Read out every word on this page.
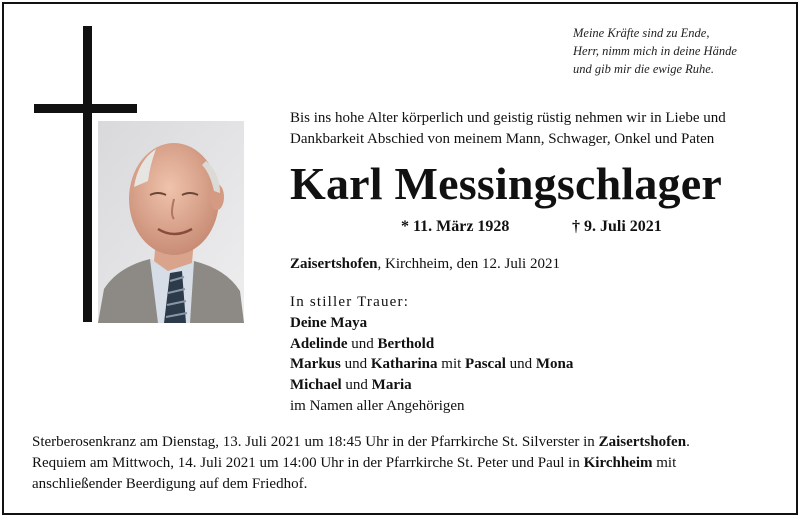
Meine Kräfte sind zu Ende,
Herr, nimm mich in deine Hände
und gib mir die ewige Ruhe.
Bis ins hohe Alter körperlich und geistig rüstig nehmen wir in Liebe und
Dankbarkeit Abschied von meinem Mann, Schwager, Onkel und Paten
Karl Messingschlager
* 11. März 1928	† 9. Juli 2021
Zaisertshofen, Kirchheim, den 12. Juli 2021
In stiller Trauer:
Deine Maya
Adelinde und Berthold
Markus und Katharina mit Pascal und Mona
Michael und Maria
im Namen aller Angehörigen
Sterberosenkranz am Dienstag, 13. Juli 2021 um 18:45 Uhr in der Pfarrkirche St. Silverster in Zaisertshofen.
Requiem am Mittwoch, 14. Juli 2021 um 14:00 Uhr in der Pfarrkirche St. Peter und Paul in Kirchheim mit
anschließender Beerdigung auf dem Friedhof.
